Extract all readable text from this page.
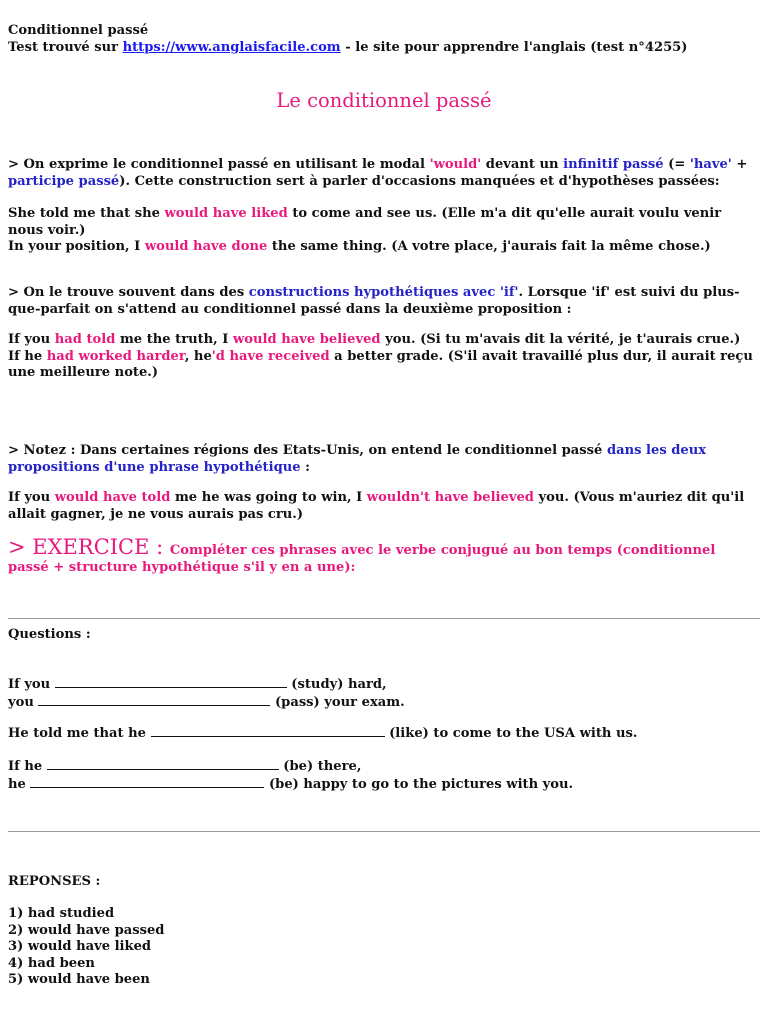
Conditionnel passé
Test trouvé sur https://www.anglaisfacile.com - le site pour apprendre l'anglais (test n°4255)
Le conditionnel passé
> On exprime le conditionnel passé en utilisant le modal 'would' devant un infinitif passé (= 'have' + participe passé). Cette construction sert à parler d'occasions manquées et d'hypothèses passées:
She told me that she would have liked to come and see us. (Elle m'a dit qu'elle aurait voulu venir nous voir.)
In your position, I would have done the same thing. (A votre place, j'aurais fait la même chose.)
> On le trouve souvent dans des constructions hypothétiques avec 'if'. Lorsque 'if' est suivi du plus-que-parfait on s'attend au conditionnel passé dans la deuxième proposition :
If you had told me the truth, I would have believed you. (Si tu m'avais dit la vérité, je t'aurais crue.)
If he had worked harder, he'd have received a better grade. (S'il avait travaillé plus dur, il aurait reçu une meilleure note.)
> Notez : Dans certaines régions des Etats-Unis, on entend le conditionnel passé dans les deux propositions d'une phrase hypothétique :
If you would have told me he was going to win, I wouldn't have believed you. (Vous m'auriez dit qu'il allait gagner, je ne vous aurais pas cru.)
> EXERCICE : Compléter ces phrases avec le verbe conjugué au bon temps (conditionnel passé + structure hypothétique s'il y en a une):
Questions :
If you	(study) hard,
you	(pass) your exam.
He told me that he	(like) to come to the USA with us.
If he	(be) there,
he	(be) happy to go to the pictures with you.
REPONSES :
1) had studied
2) would have passed
3) would have liked
4) had been
5) would have been
